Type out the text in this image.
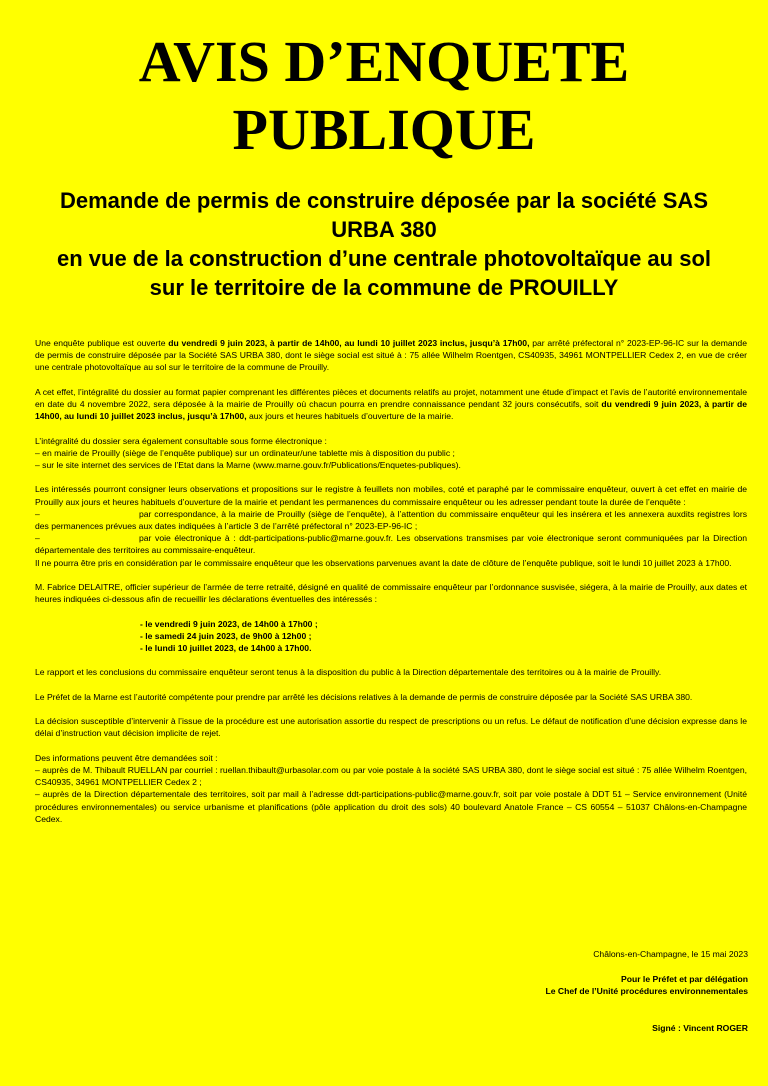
AVIS D’ENQUETE
PUBLIQUE
Demande de permis de construire déposée par la société SAS
URBA 380
en vue de la construction d’une centrale photovoltaïque au sol
sur le territoire de la commune de PROUILLY

Une enquête publique est ouverte du vendredi 9 juin 2023, à partir de 14h00, au lundi 10 juillet 2023 inclus, jusqu’à 17h00, par arrêté préfectoral n° 2023-EP-96-IC sur la demande de permis de construire déposée par la Société SAS URBA 380, dont le siège social est situé à : 75 allée Wilhelm Roentgen, CS40935, 34961 MONTPELLIER Cedex 2, en vue de créer une centrale photovoltaïque au sol sur le territoire de la commune de Prouilly.

A cet effet, l’intégralité du dossier au format papier comprenant les différentes pièces et documents relatifs au projet, notamment une étude d’impact et l’avis de l’autorité environnementale en date du 4 novembre 2022, sera déposée à la mairie de Prouilly où chacun pourra en prendre connaissance pendant 32 jours consécutifs, soit du vendredi 9 juin 2023, à partir de 14h00, au lundi 10 juillet 2023 inclus, jusqu’à 17h00, aux jours et heures habituels d’ouverture de la mairie.

L’intégralité du dossier sera également consultable sous forme électronique :
– en mairie de Prouilly (siège de l’enquête publique) sur un ordinateur/une tablette mis à disposition du public ;
– sur le site internet des services de l’Etat dans la Marne (www.marne.gouv.fr/Publications/Enquetes-publiques).

Les intéressés pourront consigner leurs observations et propositions sur le registre à feuillets non mobiles, coté et paraphé par le commissaire enquêteur, ouvert à cet effet en mairie de Prouilly aux jours et heures habituels d’ouverture de la mairie et pendant les permanences du commissaire enquêteur ou les adresser pendant toute la durée de l’enquête :
–	par correspondance, à la mairie de Prouilly (siège de l’enquête), à l’attention du commissaire enquêteur qui les insérera et les annexera auxdits registres lors des permanences prévues aux dates indiquées à l’article 3 de l’arrêté préfectoral n° 2023-EP-96-IC ;
–	par voie électronique à : ddt-participations-public@marne.gouv.fr. Les observations transmises par voie électronique seront communiquées par la Direction départementale des territoires au commissaire-enquêteur.
Il ne pourra être pris en considération par le commissaire enquêteur que les observations parvenues avant la date de clôture de l’enquête publique, soit le lundi 10 juillet 2023 à 17h00.

M. Fabrice DELAITRE, officier supérieur de l’armée de terre retraité, désigné en qualité de commissaire enquêteur par l’ordonnance susvisée, siégera, à la mairie de Prouilly, aux dates et heures indiquées ci-dessous afin de recueillir les déclarations éventuelles des intéressés :

- le vendredi 9 juin 2023, de 14h00 à 17h00 ;
- le samedi 24 juin 2023, de 9h00 à 12h00 ;
- le lundi 10 juillet 2023, de 14h00 à 17h00.

Le rapport et les conclusions du commissaire enquêteur seront tenus à la disposition du public à la Direction départementale des territoires ou à la mairie de Prouilly.

Le Préfet de la Marne est l’autorité compétente pour prendre par arrêté les décisions relatives à la demande de permis de construire déposée par la Société SAS URBA 380.

La décision susceptible d’intervenir à l’issue de la procédure est une autorisation assortie du respect de prescriptions ou un refus. Le défaut de notification d’une décision expresse dans le délai d’instruction vaut décision implicite de rejet.

Des informations peuvent être demandées soit :
– auprès de M. Thibault RUELLAN par courriel : ruellan.thibault@urbasolar.com ou par voie postale à la société SAS URBA 380, dont le siège social est situé : 75 allée Wilhelm Roentgen, CS40935, 34961 MONTPELLIER Cedex 2 ;
– auprès de la Direction départementale des territoires, soit par mail à l’adresse ddt-participations-public@marne.gouv.fr, soit par voie postale à DDT 51 – Service environnement (Unité procédures environnementales) ou service urbanisme et planifications (pôle application du droit des sols) 40 boulevard Anatole France – CS 60554 – 51037 Châlons-en-Champagne Cedex.

Châlons-en-Champagne, le 15 mai 2023

Pour le Préfet et par délégation

Le Chef de l’Unité procédures environnementales

Signé : Vincent ROGER
